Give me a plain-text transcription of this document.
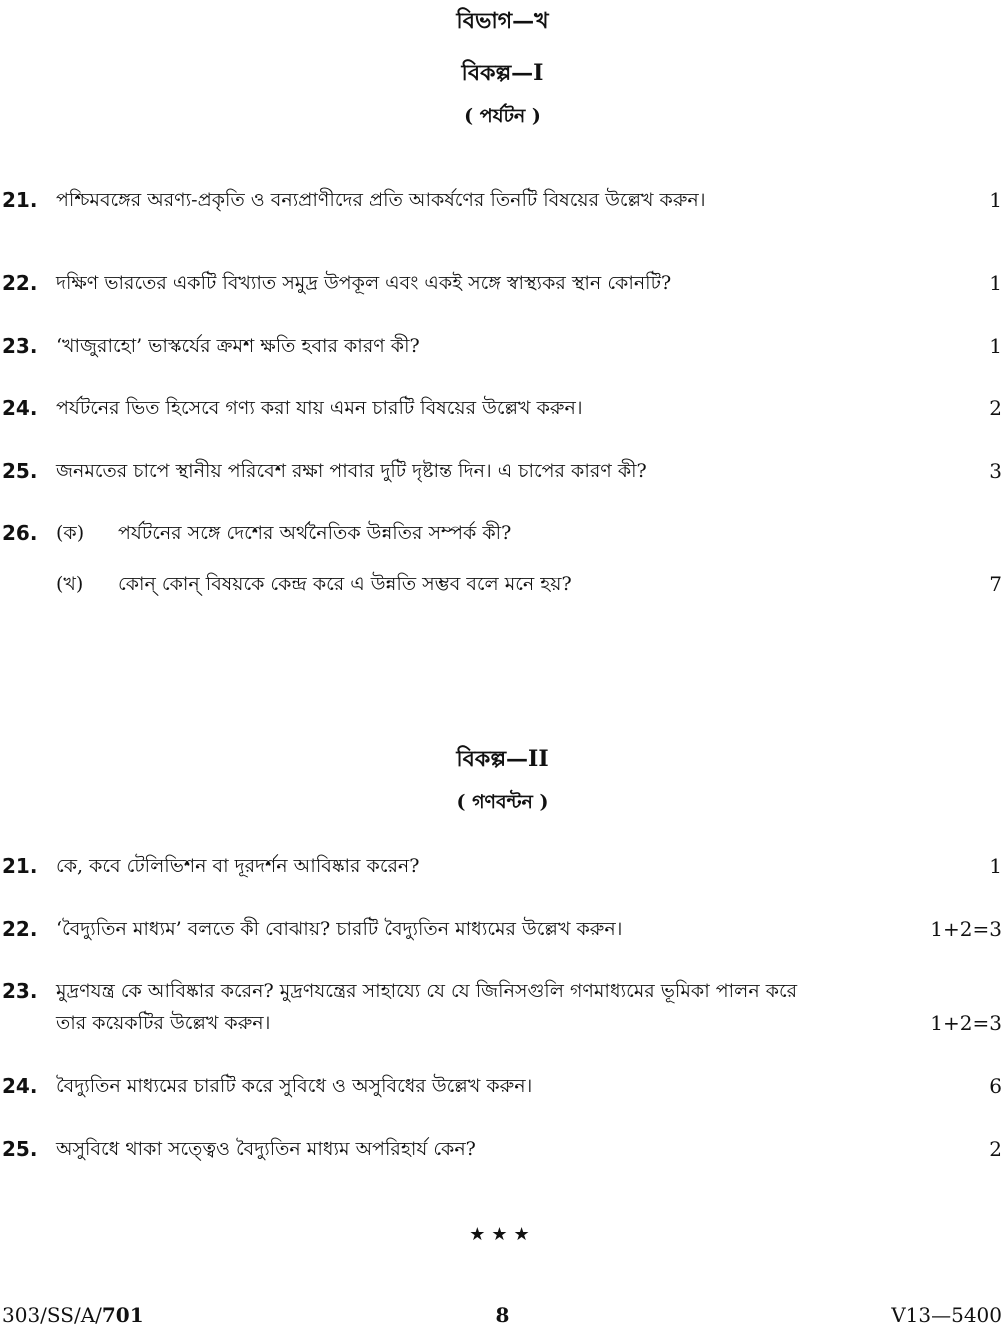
বিভাগ—খ
বিকল্প—I
( পর্যটন )
21. পশ্চিমবঙ্গের অরণ্য-প্রকৃতি ও বন্যপ্রাণীদের প্রতি আকর্ষণের তিনটি বিষয়ের উল্লেখ করুন।	1
22. দক্ষিণ ভারতের একটি বিখ্যাত সমুদ্র উপকূল এবং একই সঙ্গে স্বাস্থ্যকর স্থান কোনটি?	1
23. ‘খাজুরাহো’ ভাস্কর্যের ক্রমশ ক্ষতি হবার কারণ কী?	1
24. পর্যটনের ভিত হিসেবে গণ্য করা যায় এমন চারটি বিষয়ের উল্লেখ করুন।	2
25. জনমতের চাপে স্থানীয় পরিবেশ রক্ষা পাবার দুটি দৃষ্টান্ত দিন। এ চাপের কারণ কী?	3
26. (ক) পর্যটনের সঙ্গে দেশের অর্থনৈতিক উন্নতির সম্পর্ক কী?
(খ) কোন্ কোন্ বিষয়কে কেন্দ্র করে এ উন্নতি সম্ভব বলে মনে হয়?	7
বিকল্প—II
( গণবন্টন )
21. কে, কবে টেলিভিশন বা দূরদর্শন আবিষ্কার করেন?	1
22. ‘বৈদ্যুতিন মাধ্যম’ বলতে কী বোঝায়? চারটি বৈদ্যুতিন মাধ্যমের উল্লেখ করুন।	1+2=3
23. মুদ্রণযন্ত্র কে আবিষ্কার করেন? মুদ্রণযন্ত্রের সাহায্যে যে যে জিনিসগুলি গণমাধ্যমের ভূমিকা পালন করে
তার কয়েকটির উল্লেখ করুন।	1+2=3
24. বৈদ্যুতিন মাধ্যমের চারটি করে সুবিধে ও অসুবিধের উল্লেখ করুন।	6
25. অসুবিধে থাকা সত্ত্বেও বৈদ্যুতিন মাধ্যম অপরিহার্য কেন?	2
★★★
303/SS/A/701	8	V13—5400
